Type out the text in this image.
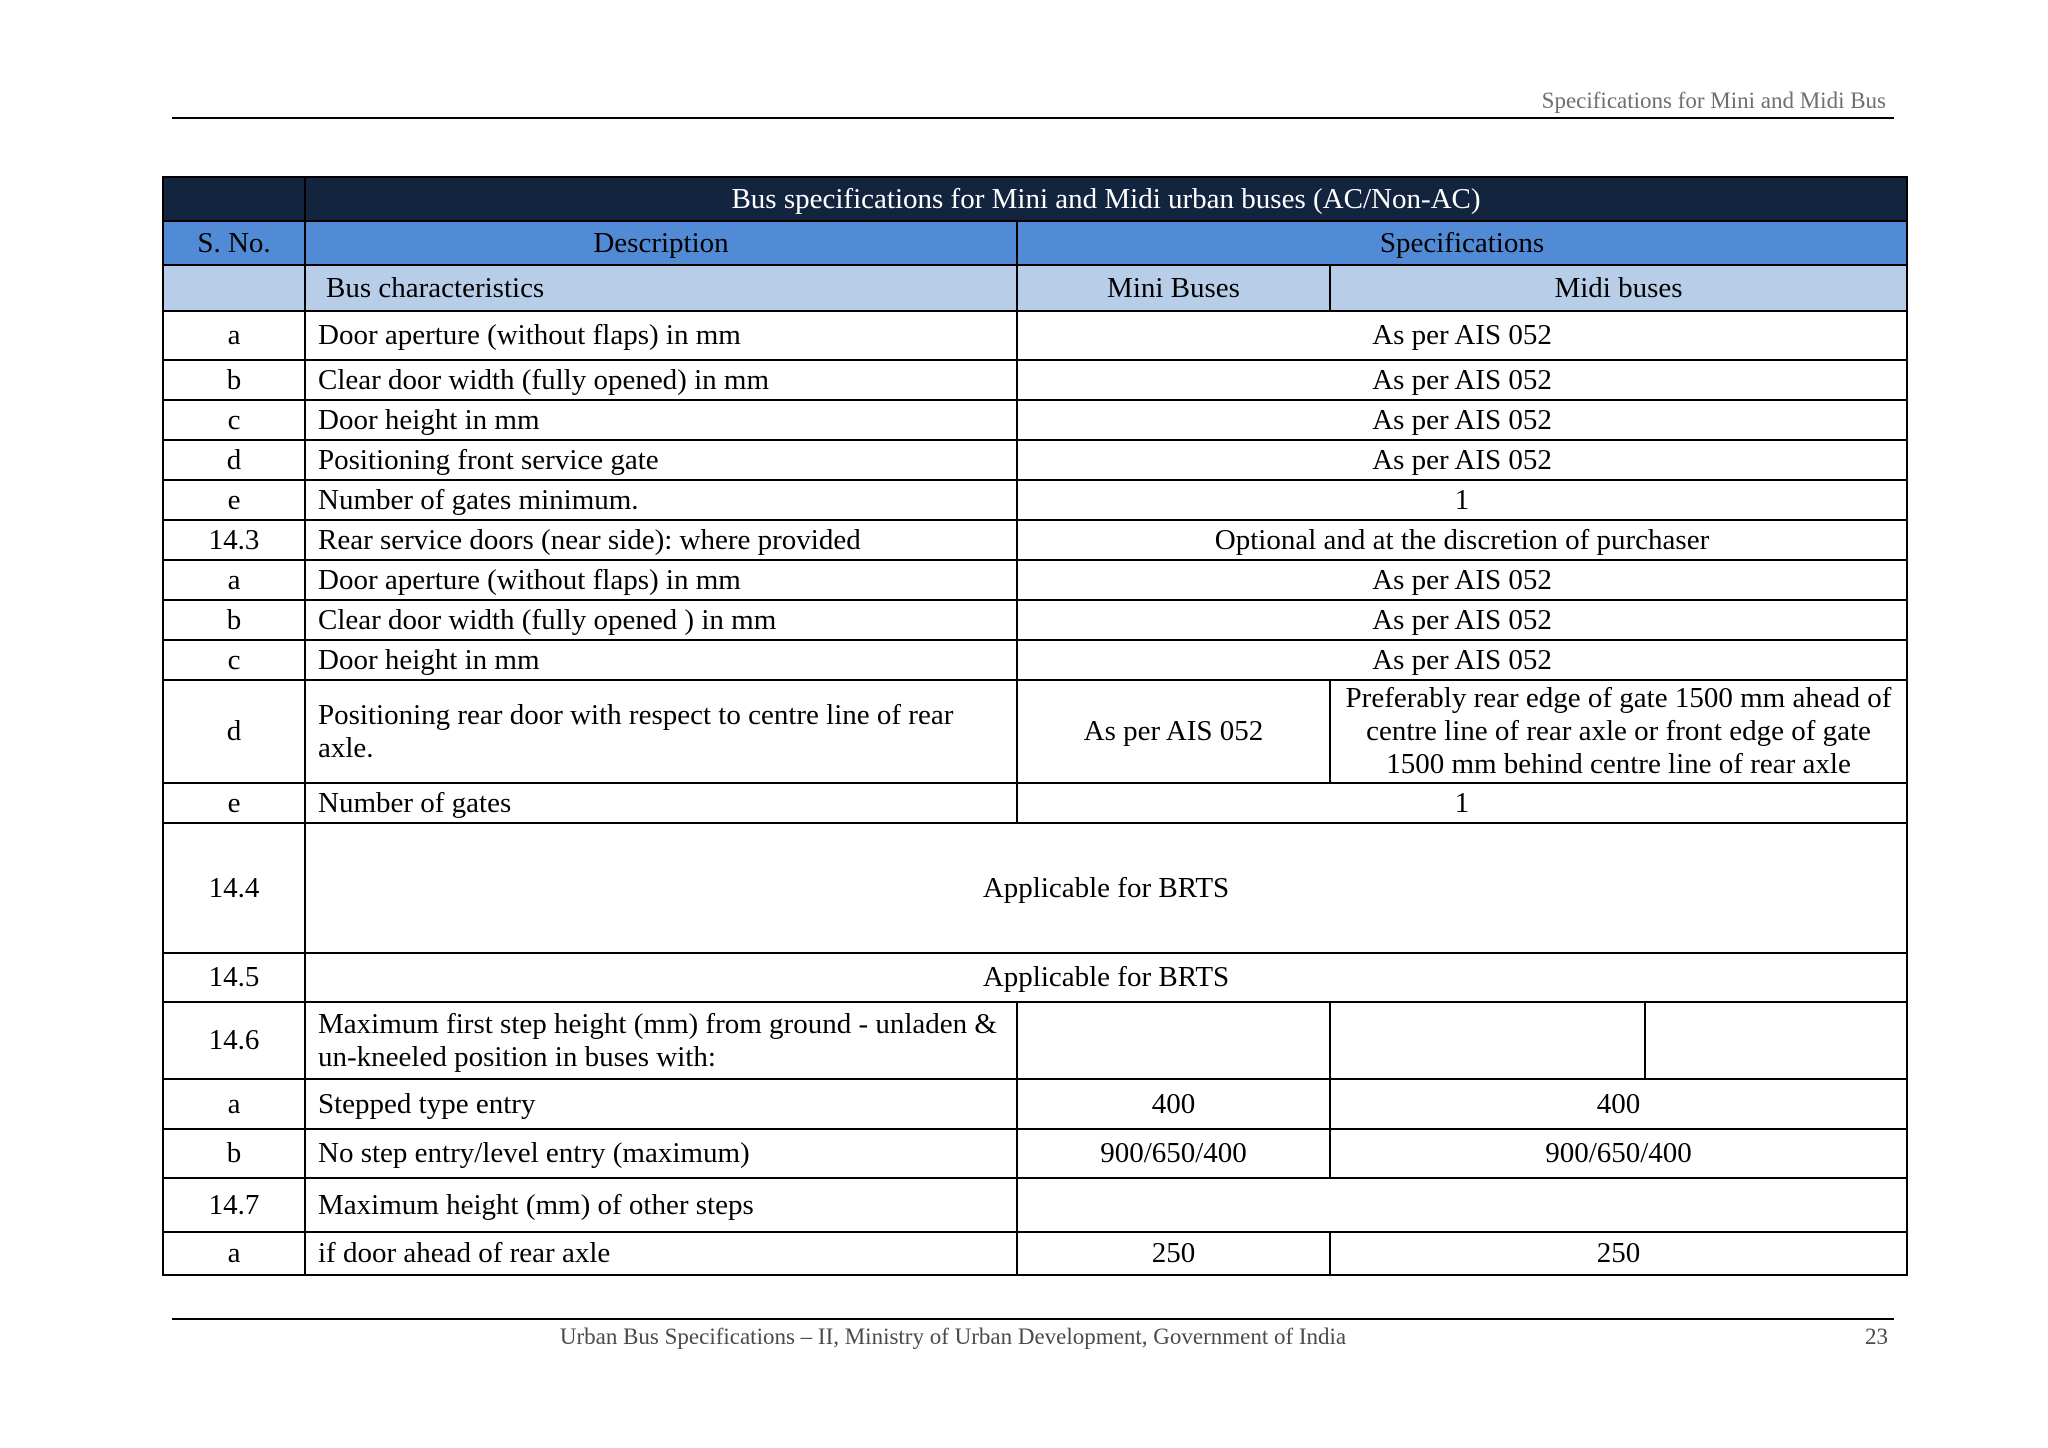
Specifications for Mini and Midi Bus
	Bus specifications for Mini and Midi urban buses (AC/Non-AC)			
S. No.	Description	Specifications		
	Bus characteristics	Mini Buses	Midi buses	
a	Door aperture (without flaps) in mm	As per AIS 052		
b	Clear door width (fully opened) in mm	As per AIS 052		
c	Door height in mm	As per AIS 052		
d	Positioning front service gate	As per AIS 052		
e	Number of gates minimum.	1		
14.3	Rear service doors (near side): where provided	Optional and at the discretion of purchaser		
a	Door aperture (without flaps) in mm	As per AIS 052		
b	Clear door width (fully opened ) in mm	As per AIS 052		
c	Door height in mm	As per AIS 052		
d	Positioning rear door with respect to centre line of rear axle.	As per AIS 052	Preferably rear edge of gate 1500 mm ahead of centre line of rear axle or front edge of gate 1500 mm behind centre line of rear axle	
e	Number of gates	1		
14.4	Applicable for BRTS			
14.5	Applicable for BRTS			
14.6	Maximum first step height (mm) from ground - unladen & un-kneeled position in buses with:			
a	Stepped type entry	400	400	
b	No step entry/level entry (maximum)	900/650/400	900/650/400	
14.7	Maximum height (mm) of other steps			
a	if door ahead of rear axle	250	250	
Urban Bus Specifications – II, Ministry of Urban Development, Government of India	23
